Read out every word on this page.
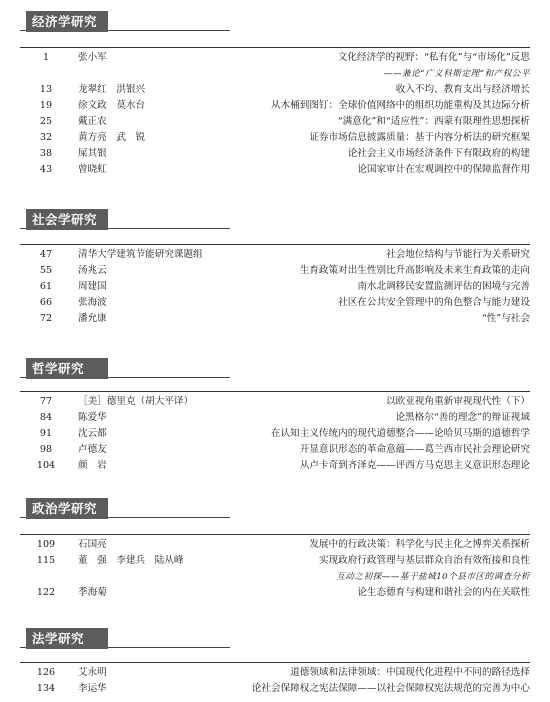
经济学研究
1	张小军	文化经济学的视野：“私有化”与“市场化”反思
——兼论“广义科斯定理”和产权公平
13	龙翠红　洪银兴	收入不均、教育支出与经济增长
19	徐文政　莫水台	从木桶到图钉：全球价值网络中的组织功能重构及其边际分析
25	戴正农	“满意化”和“适应性”：西蒙有限理性思想探析
32	黄方亮　武　锐	证券市场信息披露质量：基于内容分析法的研究框架
38	屎其银	论社会主义市场经济条件下有限政府的构建
43	曾晓虹	论国家审计在宏观调控中的保障监督作用
社会学研究
47	清华大学建筑节能研究课题组	社会地位结构与节能行为关系研究
55	汤兆云	生育政策对出生性别比升高影响及未来生育政策的走向
61	周建国	南水北调移民安置监测评估的困境与完善
66	张海波	社区在公共安全管理中的角色整合与能力建设
72	潘允康	“性”与社会
哲学研究
77	［美］德里克（胡大平译）	以欧亚视角重新审视现代性（下）
84	陈爱华	论黑格尔“善的理念”的辩证视域
91	沈云都	在认知主义传统内的现代道德整合——论哈贝马斯的道德哲学
98	卢德友	开显意识形态的革命意蕴——葛兰西市民社会理论研究
104	颜　岩	从卢卡奇到齐泽克——评西方马克思主义意识形态理论
政治学研究
109	石国亮	发展中的行政决策：科学化与民主化之博弈关系探析
115	董　强　李建兵　陆从峰	实现政府行政管理与基层群众自治有效衔接和良性
互动之初探——基于盐城10个县市区的调查分析
122	季海菊	论生态德育与构建和谐社会的内在关联性
法学研究
126	艾永明	道德领域和法律领域：中国现代化进程中不同的路径选择
134	李运华	论社会保障权之宪法保障——以社会保障权宪法规范的完善为中心
